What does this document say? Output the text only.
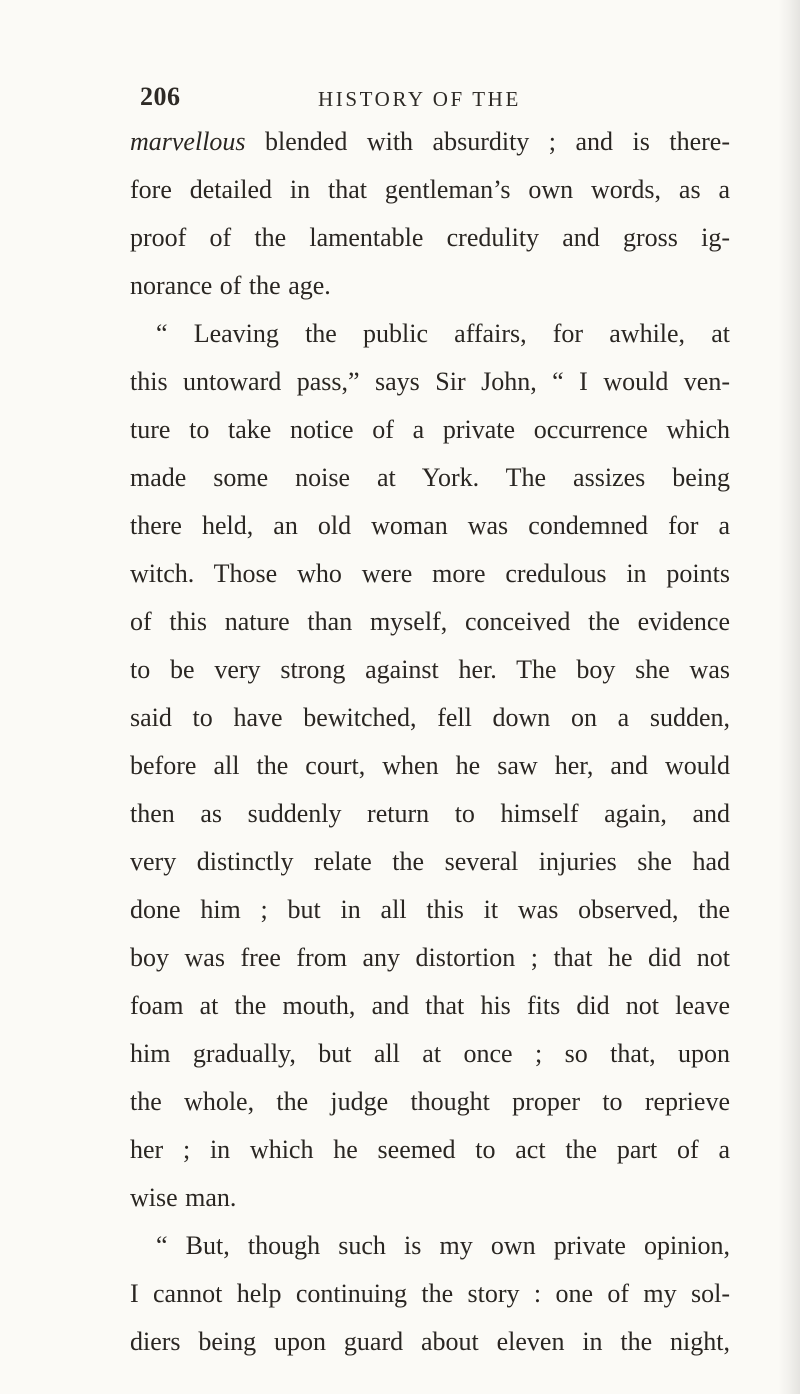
206	HISTORY OF THE
marvellous blended with absurdity ; and is there-
fore detailed in that gentleman’s own words, as a
proof of the lamentable credulity and gross ig-
norance of the age.
“ Leaving the public affairs, for awhile, at
this untoward pass,” says Sir John, “ I would ven-
ture to take notice of a private occurrence which
made some noise at York. The assizes being
there held, an old woman was condemned for a
witch. Those who were more credulous in points
of this nature than myself, conceived the evidence
to be very strong against her. The boy she was
said to have bewitched, fell down on a sudden,
before all the court, when he saw her, and would
then as suddenly return to himself again, and
very distinctly relate the several injuries she had
done him ; but in all this it was observed, the
boy was free from any distortion ; that he did not
foam at the mouth, and that his fits did not leave
him gradually, but all at once ; so that, upon
the whole, the judge thought proper to reprieve
her ; in which he seemed to act the part of a
wise man.
“ But, though such is my own private opinion,
I cannot help continuing the story : one of my sol-
diers being upon guard about eleven in the night,
